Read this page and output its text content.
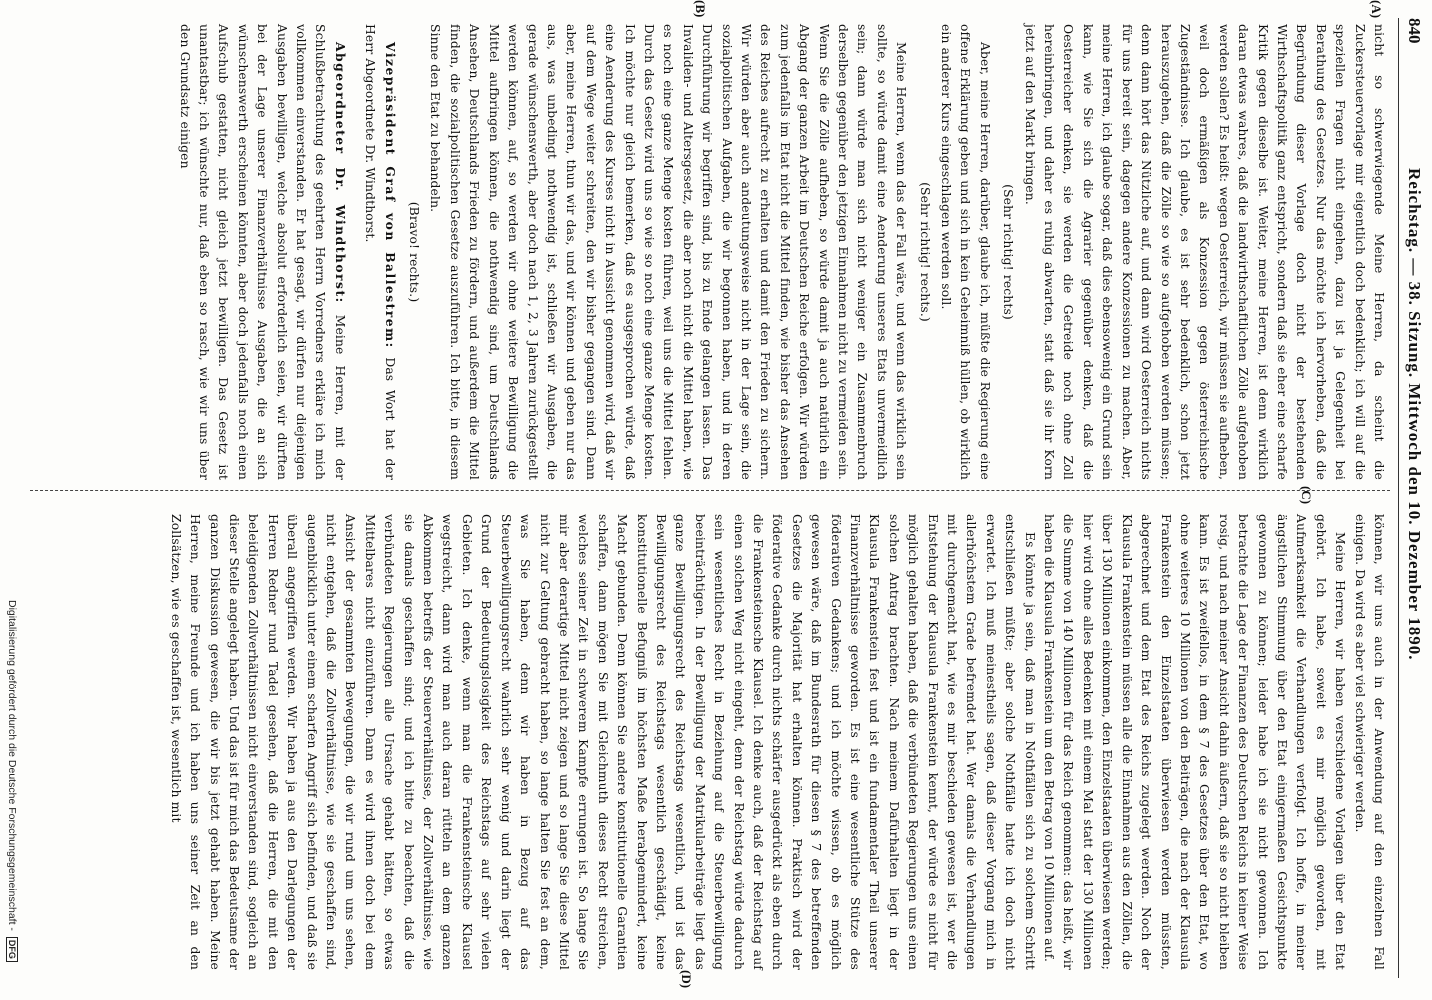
840
Reichstag. — 38. Sitzung. Mittwoch den 10. Dezember 1890.
(A)
(B)
(C)
(D)

nicht so schwerwiegende Meine Herren, da scheint die Zuckersteuervorlage mir eigentlich doch bedenklich; ich will auf die speziellen Fragen nicht eingehen, dazu ist ja Gelegenheit bei Berathung des Gesetzes. Nur das möchte ich hervorheben, daß die Begründung dieser Vorlage doch nicht der bestehenden Wirthschaftspolitik ganz entspricht, sondern daß sie eher eine scharfe Kritik gegen dieselbe ist. Weiter, meine Herren, ist denn wirklich daran etwas wahres, daß die landwirthschaftlichen Zölle aufgehoben werden sollen? Es heißt: wegen Oesterreich, wir müssen sie aufheben, weil doch ermäßigen als Konzession gegen österreichische Zugeständnisse. Ich glaube, es ist sehr bedenklich, schon jetzt herauszugehen, daß die Zölle so wie so aufgehoben werden müssen; denn dann hört das Nützliche auf, und dann wird Oesterreich nichts für uns bereit sein, dagegen andere Konzessionen zu machen. Aber, meine Herren, ich glaube sogar, daß dies ebensowenig ein Grund sein kann, wie Sie sich die Agrarier gegenüber denken, daß die Oesterreicher denken, sie werden die Getreide noch ohne Zoll hereinbringen, und daher es ruhig abwarten, statt daß sie ihr Korn jetzt auf den Markt bringen.

(Sehr richtig! rechts)

Aber, meine Herren, darüber, glaube ich, müßte die Regierung eine offene Erklärung geben und sich in kein Geheimniß hüllen, ob wirklich ein anderer Kurs eingeschlagen werden soll.

(Sehr richtig! rechts.)

Meine Herren, wenn das der Fall wäre, und wenn das wirklich sein sollte, so würde damit eine Aenderung unseres Etats unvermeidlich sein; dann würde man sich nicht weniger ein Zusammenbruch derselben gegenüber den jetzigen Einnahmen nicht zu vermeiden sein. Wenn Sie die Zölle aufheben, so würde damit ja auch natürlich ein Abgang der ganzen Arbeit im Deutschen Reiche erfolgen. Wir würden zum jedenfalls im Etat nicht die Mittel finden, wie bisher das Ansehen des Reiches aufrecht zu erhalten und damit den Frieden zu sichern. Wir würden aber auch andeutungsweise nicht in der Lage sein, die sozialpolitischen Aufgaben, die wir begonnen haben, und in deren Durchführung wir begriffen sind, bis zu Ende gelangen lassen. Das Invaliden- und Altersgesetz, die aber noch nicht die Mittel haben, wie es noch eine ganze Menge kosten führen, weil uns die Mittel fehlen. Durch das Gesetz wird uns so wie so noch eine ganze Menge kosten. Ich möchte nur gleich bemerken, daß es ausgesprochen würde, daß eine Aenderung des Kurses nicht in Aussicht genommen wird, daß wir auf dem Wege weiter schreiten, den wir bisher gegangen sind. Dann aber, meine Herren, thun wir das, und wir können und geben nur das aus, was unbedingt nothwendig ist, schließen wir Ausgaben, die gerade wünschenswerth, aber doch nach 1, 2, 3 Jahren zurückgestellt werden können, auf, so werden wir ohne weitere Bewilligung die Mittel aufbringen können, die nothwendig sind, um Deutschlands Ansehen, Deutschlands Frieden zu fördern, und außerdem die Mittel finden, die sozialpolitischen Gesetze auszuführen. Ich bitte, in diesem Sinne den Etat zu behandeln.

(Bravo! rechts.)

Vizepräsident Graf von Ballestrem: Das Wort hat der Herr Abgeordnete Dr. Windthorst.

Abgeordneter Dr. Windthorst: Meine Herren, mit der Schlußbetrachtung des geehrten Herrn Vorredners erkläre ich mich vollkommen einverstanden. Er hat gesagt, wir dürfen nur diejenigen Ausgaben bewilligen, welche absolut erforderlich seien, wir dürften bei der Lage unserer Finanzverhältnisse Ausgaben, die an sich wünschenswerth erscheinen könnten, aber doch jedenfalls noch einen Aufschub gestatten, nicht gleich jetzt bewilligen. Das Gesetz ist unantastbar; ich wünschte nur, daß eben so rasch, wie wir uns über den Grundsatz einigen

können, wir uns auch in der Anwendung auf den einzelnen Fall einigen. Da wird es aber viel schwieriger werden.

Meine Herren, wir haben verschiedene Vorlagen über den Etat gehört. Ich habe, soweit es mir möglich geworden, mit Aufmerksamkeit die Verhandlungen verfolgt. Ich hoffe, in meiner ängstlichen Stimmung über den Etat einigermaßen Gesichtspunkte gewonnen zu können; leider habe ich sie nicht gewonnen. Ich betrachte die Lage der Finanzen des Deutschen Reichs in keiner Weise rosig, und nach meiner Ansicht dahin äußern, daß sie so nicht bleiben kann. Es ist zweifellos, in dem § 7 des Gesetzes über den Etat, wo ohne weiteres 10 Millionen von den Beiträgen, die nach der Klausula Frankenstein den Einzelstaaten überwiesen werden müssten, abgerechnet und dem Etat des Reichs zugelegt werden. Noch der Klausula Frankenstein müssen alle die Einnahmen aus den Zöllen, die über 130 Millionen einkommen, den Einzelstaaten überwiesen werden; hier wird ohne alles Bedenken mit einem Mal statt der 130 Millionen die Summe von 140 Millionen für das Reich genommen: das heißt, wir haben die Klausula Frankenstein um den Betrag von 10 Millionen auf.

Es könnte ja sein, daß man in Nothfällen sich zu solchem Schritt entschließen müßte; aber solche Nothfälle hatte ich doch nicht erwartet. Ich muß meinestheils sagen, daß dieser Vorgang mich in allerhöchstem Grade befremdet hat. Wer damals die Verhandlungen mit durchgemacht hat, wie es mir beschieden gewesen ist, wer die Entstehung der Klausula Frankenstein kennt, der würde es nicht für möglich gehalten haben, daß die verbündeten Regierungen uns einen solchen Antrag brachten. Nach meinem Dafürhalten liegt in der Klausula Frankenstein fest und ist ein fundamentaler Theil unserer Finanzverhältnisse geworden. Es ist eine wesentliche Stütze des föderativen Gedankens; und ich möchte wissen, ob es möglich gewesen wäre, daß im Bundesrath für diesen § 7 des betreffenden Gesetzes die Majorität hat erhalten können. Praktisch wird der föderative Gedanke durch nichts schärfer ausgedrückt als eben durch die Frankensteinsche Klausel. Ich denke auch, daß der Reichstag auf einen solchen Weg nicht eingeht, denn der Reichstag würde dadurch sein wesentliches Recht in Beziehung auf die Steuerbewilligung beeinträchtigen. In der Bewilligung der Matrikularbeiträge liegt das ganze Bewilligungsrecht des Reichstags wesentlich, und ist das Bewilligungsrecht des Reichstags wesentlich geschädigt, keine konstitutionelle Befugniß im höchsten Maße herabgemindert, keine Macht gebunden. Denn können Sie andere konstitutionelle Garantien schaffen, dann mögen Sie mit Gleichmuth dieses Recht streichen, welches seiner Zeit in schwerem Kampfe errungen ist. So lange Sie mir aber derartige Mittel nicht zeigen und so lange Sie diese Mittel nicht zur Geltung gebracht haben, so lange halten Sie fest an dem, was Sie haben, denn wir haben in Bezug auf das Steuerbewilligungsrecht wahrlich sehr wenig und darin liegt der Grund der Bedeutungslosigkeit des Reichstags auf sehr vielen Gebieten. Ich denke, wenn man die Frankensteinsche Klausel wegstreicht, dann wird man auch daran rütteln an dem ganzen Abkommen betreffs der Steuerverhältnisse, der Zollverhältnisse, wie sie damals geschaffen sind; und ich bitte zu beachten, daß die verbündeten Regierungen alle Ursache gehabt hätten, so etwas Mittelbares nicht einzuführen. Dann es wird ihnen doch bei dem Ansicht der gesammten Bewegungen, die wir rund um uns sehen, nicht entgehen, daß die Zollverhältnisse, wie sie geschaffen sind, augenblicklich unter einem scharfen Angriff sich befinden, und daß sie überall angegriffen werden. Wir haben ja aus den Darlegungen der Herren Redner rund Tadel gesehen, daß die Herren, die mit den beleidigenden Zollverhältnissen nicht einverstanden sind, sogleich an dieser Stelle angelegt haben. Und das ist für mich das Bedeutsame der ganzen Diskussion gewesen, die wir bis jetzt gehabt haben. Meine Herren, meine Freunde und ich haben uns seiner Zeit an den Zollsätzen, wie es geschaffen ist, wesentlich mit

Digitalisierung gefördert durch die Deutsche Forschungsgemeinschaft - DFG
